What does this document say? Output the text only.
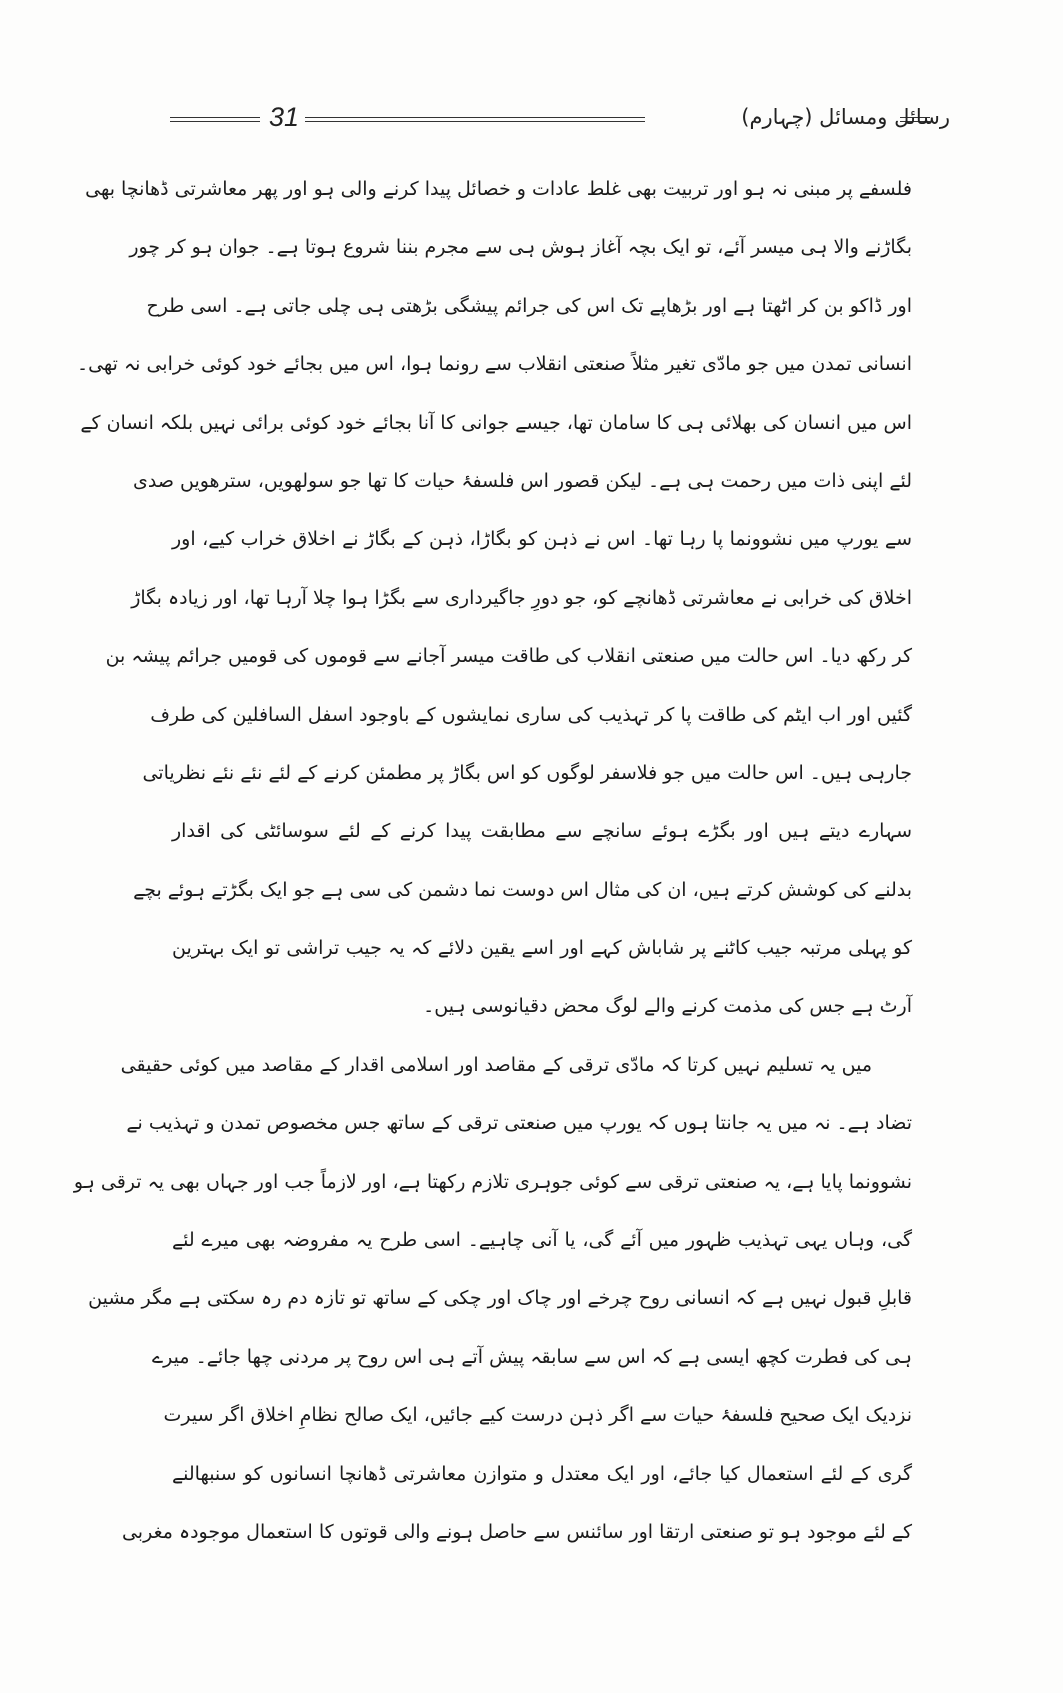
رسائل ومسائل (چہارم)
31
فلسفے پر مبنی نہ ہو اور تربیت بھی غلط عادات و خصائل پیدا کرنے والی ہو اور پھر معاشرتی ڈھانچا بھی
بگاڑنے والا ہی میسر آئے، تو ایک بچہ آغاز ہوش ہی سے مجرم بننا شروع ہوتا ہے۔ جوان ہو کر چور
اور ڈاکو بن کر اٹھتا ہے اور بڑھاپے تک اس کی جرائم پیشگی بڑھتی ہی چلی جاتی ہے۔ اسی طرح
انسانی تمدن میں جو مادّی تغیر مثلاً صنعتی انقلاب سے رونما ہوا، اس میں بجائے خود کوئی خرابی نہ تھی۔
اس میں انسان کی بھلائی ہی کا سامان تھا، جیسے جوانی کا آنا بجائے خود کوئی برائی نہیں بلکہ انسان کے
لئے اپنی ذات میں رحمت ہی ہے۔ لیکن قصور اس فلسفۂ حیات کا تھا جو سولھویں، سترھویں صدی
سے یورپ میں نشوونما پا رہا تھا۔ اس نے ذہن کو بگاڑا، ذہن کے بگاڑ نے اخلاق خراب کیے، اور
اخلاق کی خرابی نے معاشرتی ڈھانچے کو، جو دورِ جاگیرداری سے بگڑا ہوا چلا آرہا تھا، اور زیادہ بگاڑ
کر رکھ دیا۔ اس حالت میں صنعتی انقلاب کی طاقت میسر آجانے سے قوموں کی قومیں جرائم پیشہ بن
گئیں اور اب ایٹم کی طاقت پا کر تہذیب کی ساری نمایشوں کے باوجود اسفل السافلین کی طرف
جارہی ہیں۔ اس حالت میں جو فلاسفر لوگوں کو اس بگاڑ پر مطمئن کرنے کے لئے نئے نئے نظریاتی
سہارے دیتے ہیں اور بگڑے ہوئے سانچے سے مطابقت پیدا کرنے کے لئے سوسائٹی کی اقدار
بدلنے کی کوشش کرتے ہیں، ان کی مثال اس دوست نما دشمن کی سی ہے جو ایک بگڑتے ہوئے بچے
کو پہلی مرتبہ جیب کاٹنے پر شاباش کہے اور اسے یقین دلائے کہ یہ جیب تراشی تو ایک بہترین
آرٹ ہے جس کی مذمت کرنے والے لوگ محض دقیانوسی ہیں۔
میں یہ تسلیم نہیں کرتا کہ مادّی ترقی کے مقاصد اور اسلامی اقدار کے مقاصد میں کوئی حقیقی
تضاد ہے۔ نہ میں یہ جانتا ہوں کہ یورپ میں صنعتی ترقی کے ساتھ جس مخصوص تمدن و تہذیب نے
نشوونما پایا ہے، یہ صنعتی ترقی سے کوئی جوہری تلازم رکھتا ہے، اور لازماً جب اور جہاں بھی یہ ترقی ہو
گی، وہاں یہی تہذیب ظہور میں آئے گی، یا آنی چاہیے۔ اسی طرح یہ مفروضہ بھی میرے لئے
قابلِ قبول نہیں ہے کہ انسانی روح چرخے اور چاک اور چکی کے ساتھ تو تازہ دم رہ سکتی ہے مگر مشین
ہی کی فطرت کچھ ایسی ہے کہ اس سے سابقہ پیش آتے ہی اس روح پر مردنی چھا جائے۔ میرے
نزدیک ایک صحیح فلسفۂ حیات سے اگر ذہن درست کیے جائیں، ایک صالح نظامِ اخلاق اگر سیرت
گری کے لئے استعمال کیا جائے، اور ایک معتدل و متوازن معاشرتی ڈھانچا انسانوں کو سنبھالنے
کے لئے موجود ہو تو صنعتی ارتقا اور سائنس سے حاصل ہونے والی قوتوں کا استعمال موجودہ مغربی
